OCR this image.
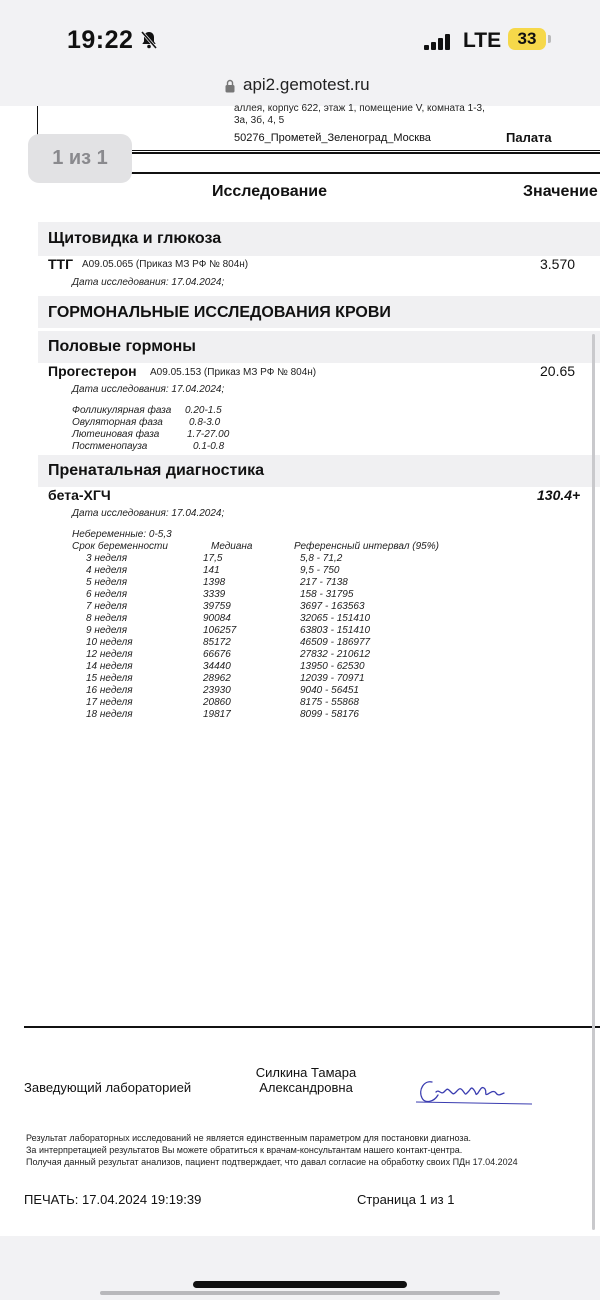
19:22	LTE 33
api2.gemotest.ru
аллея, корпус 622, этаж 1, помещение V, комната 1-3,
3а, 3б, 4, 5
50276_Прометей_Зеленоград_Москва	Палата
Исследование	Значение
Щитовидка и глюкоза
ТТГ A09.05.065 (Приказ МЗ РФ № 804н)	3.570
Дата исследования: 17.04.2024;
ГОРМОНАЛЬНЫЕ ИССЛЕДОВАНИЯ КРОВИ
Половые гормоны
Прогестерон A09.05.153 (Приказ МЗ РФ № 804н)	20.65
Дата исследования: 17.04.2024;
Фолликулярная фаза 0.20-1.5
Овуляторная фаза	0.8-3.0
Лютеиновая фаза	1.7-27.00
Постменопауза	0.1-0.8
Пренатальная диагностика
бета-ХГЧ	130.4+
Дата исследования: 17.04.2024;
Небеременные: 0-5,3
Срок беременности	Медиана	Референсный интервал (95%)
3 неделя	17,5	5,8 - 71,2
4 неделя	141	9,5 - 750
5 неделя	1398	217 - 7138
6 неделя	3339	158 - 31795
7 неделя	39759	3697 - 163563
8 неделя	90084	32065 - 151410
9 неделя	106257	63803 - 151410
10 неделя	85172	46509 - 186977
12 неделя	66676	27832 - 210612
14 неделя	34440	13950 - 62530
15 неделя	28962	12039 - 70971
16 неделя	23930	9040 - 56451
17 неделя	20860	8175 - 55868
18 неделя	19817	8099 - 58176
Заведующий лабораторией
Силкина Тамара
Александровна
Результат лабораторных исследований не является единственным параметром для постановки диагноза.
За интерпретацией результатов Вы можете обратиться к врачам-консультантам нашего контакт-центра.
Получая данный результат анализов, пациент подтверждает, что давал согласие на обработку своих ПДн 17.04.2024
ПЕЧАТЬ: 17.04.2024 19:19:39	Страница 1 из 1
1 из 1
